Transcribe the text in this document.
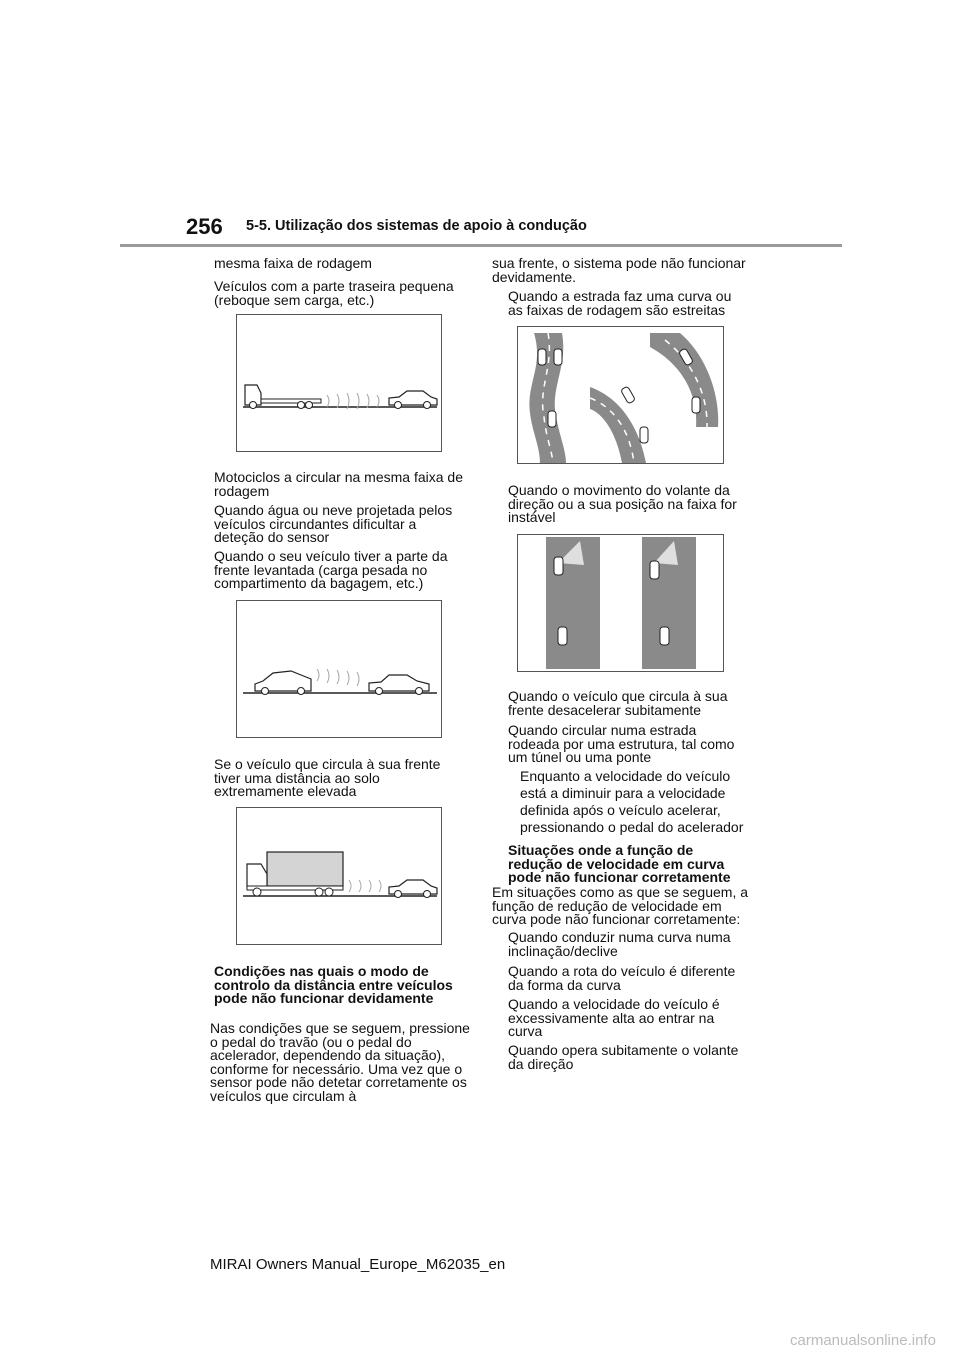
256 5-5. Utilização dos sistemas de apoio à condução

mesma faixa de rodagem

Veículos com a parte traseira pequena (reboque sem carga, etc.)

Motociclos a circular na mesma faixa de rodagem

Quando água ou neve projetada pelos veículos circundantes dificultar a deteção do sensor

Quando o seu veículo tiver a parte da frente levantada (carga pesada no compartimento da bagagem, etc.)

Se o veículo que circula à sua frente tiver uma distância ao solo extremamente elevada

Condições nas quais o modo de controlo da distância entre veículos pode não funcionar devidamente

Nas condições que se seguem, pressione o pedal do travão (ou o pedal do acelerador, dependendo da situação), conforme for necessário. Uma vez que o sensor pode não detetar corretamente os veículos que circulam à

sua frente, o sistema pode não funcionar devidamente.

Quando a estrada faz uma curva ou as faixas de rodagem são estreitas

Quando o movimento do volante da direção ou a sua posição na faixa for instável

Quando o veículo que circula à sua frente desacelerar subitamente

Quando circular numa estrada rodeada por uma estrutura, tal como um túnel ou uma ponte

Enquanto a velocidade do veículo

está a diminuir para a velocidade

definida após o veículo acelerar,

pressionando o pedal do acelerador

Situações onde a função de redução de velocidade em curva pode não funcionar corretamente

Em situações como as que se seguem, a função de redução de velocidade em curva pode não funcionar corretamente:

Quando conduzir numa curva numa inclinação/declive

Quando a rota do veículo é diferente da forma da curva

Quando a velocidade do veículo é excessivamente alta ao entrar na curva

Quando opera subitamente o volante da direção

MIRAI Owners Manual_Europe_M62035_en
carmanualsonline.info
